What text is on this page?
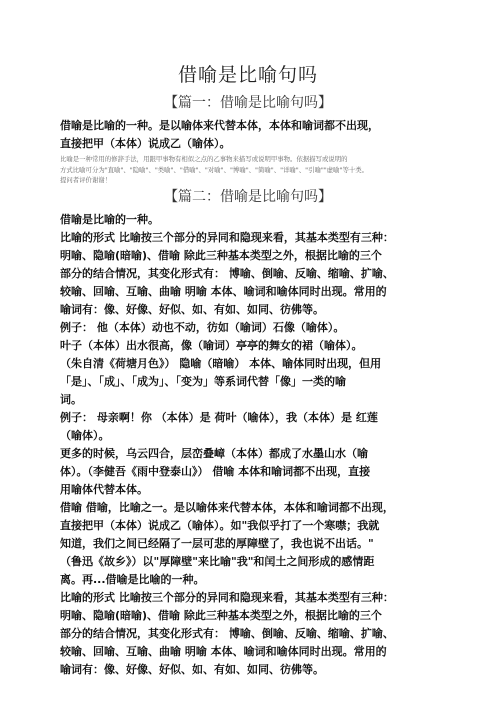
借喻是比喻句吗
【篇一：借喻是比喻句吗】

借喻是比喻的一种。是以喻体来代替本体，本体和喻词都不出现，

直接把甲（本体）说成乙（喻体）。

比喻是一种常用的修辞手法，用跟甲事物有相似之点的乙事物来描写或说明甲事物。依据描写或说明的

方式比喻可分为"直喻"、"隐喻"、"类喻"、"借喻"、"对喻"、"博喻"、"简喻"、"详喻"、"引喻""虚喻"等十类。

提问者评价谢谢！

【篇二：借喻是比喻句吗】

借喻是比喻的一种。

比喻的形式 比喻按三个部分的异同和隐现来看，其基本类型有三种：

明喻、隐喻(暗喻)、借喻 除此三种基本类型之外，根据比喻的三个

部分的结合情况，其变化形式有： 博喻、倒喻、反喻、缩喻、扩喻、

较喻、回喻、互喻、曲喻 明喻 本体、喻词和喻体同时出现。常用的

喻词有：像、好像、好似、如、有如、如同、彷佛等。

例子： 他（本体）动也不动，彷如（喻词）石像（喻体）。

叶子（本体）出水很高，像（喻词）亭亭的舞女的裙（喻体）。

（朱自清《荷塘月色》） 隐喻（暗喻） 本体、喻体同时出现，但用

「是」、「成」、「成为」、「变为」等系词代替「像」一类的喻

词。

例子： 母亲啊！你 （本体）是 荷叶（喻体），我（本体）是 红莲

（喻体）。

更多的时候，乌云四合，层峦叠嶂（本体）都成了水墨山水（喻

体）。（李健吾《雨中登泰山》） 借喻 本体和喻词都不出现，直接

用喻体代替本体。

借喻 借喻，比喻之一。是以喻体来代替本体，本体和喻词都不出现，

直接把甲（本体）说成乙（喻体）。如"我似乎打了一个寒噤；我就

知道，我们之间已经隔了一层可悲的厚障壁了，我也说不出话。"

（鲁迅《故乡》）以"厚障壁"来比喻"我"和闰土之间形成的感情距

离。再...借喻是比喻的一种。

比喻的形式 比喻按三个部分的异同和隐现来看，其基本类型有三种：

明喻、隐喻(暗喻)、借喻 除此三种基本类型之外，根据比喻的三个

部分的结合情况，其变化形式有： 博喻、倒喻、反喻、缩喻、扩喻、

较喻、回喻、互喻、曲喻 明喻 本体、喻词和喻体同时出现。常用的

喻词有：像、好像、好似、如、有如、如同、彷佛等。
